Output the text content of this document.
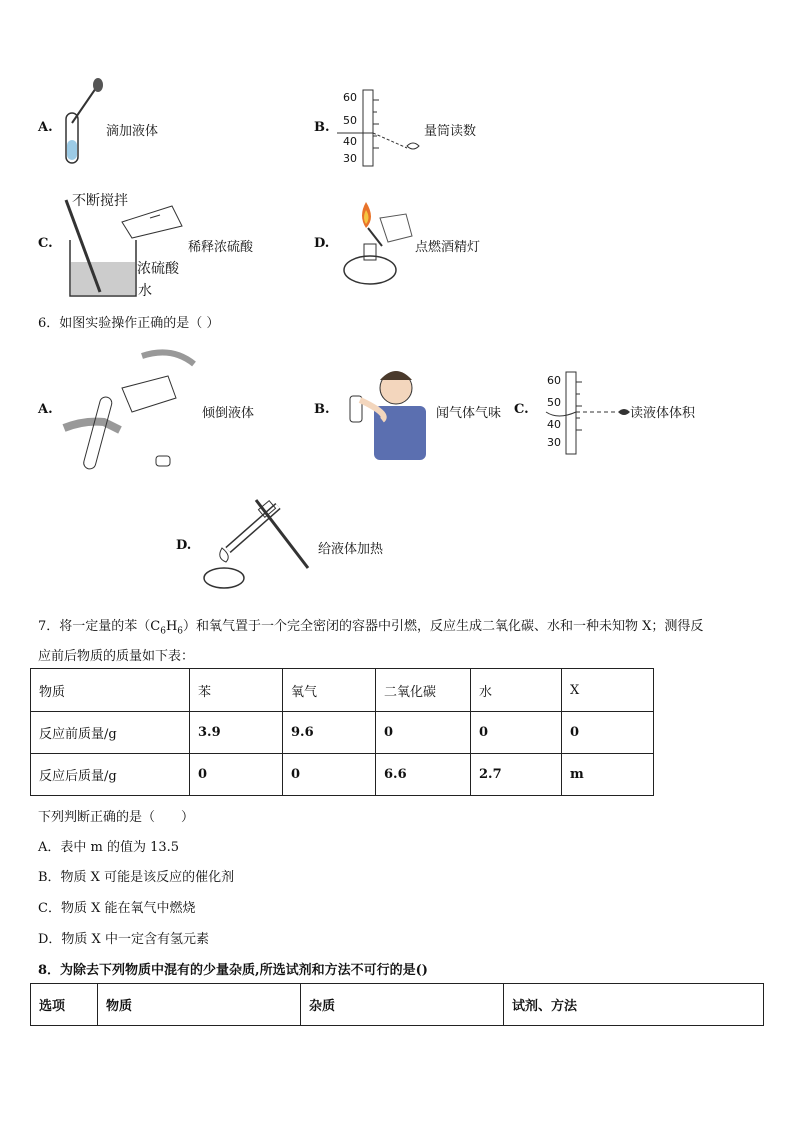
A.	滴加液体	B.
60
50
40
30
量筒读数
C.
不断搅拌
稀释浓硫酸
浓硫酸
水
D.	点燃酒精灯
6．如图实验操作正确的是（ ）
A.	倾倒液体	B.	闻气体气味 C.
60
50
40
30
读液体体积
D.	给液体加热
7．将一定量的苯$(C_6H_6)$和氧气置于一个完全密闭的容器中引燃，反应生成二氧化碳、水和一种未知物 X；测得反
应前后物质的质量如下表：
物质	苯	氧气	二氧化碳	水	X
反应前质量/g	3.9	9.6	0	0	0
反应后质量/g	0	0	6.6	2.7	m
下列判断正确的是（　　）
A．表中 m 的值为 13.5
B．物质 X 可能是该反应的催化剂
C．物质 X 能在氧气中燃烧
D．物质 X 中一定含有氢元素
8．为除去下列物质中混有的少量杂质,所选试剂和方法不可行的是()
选项	物质	杂质	试剂、方法
